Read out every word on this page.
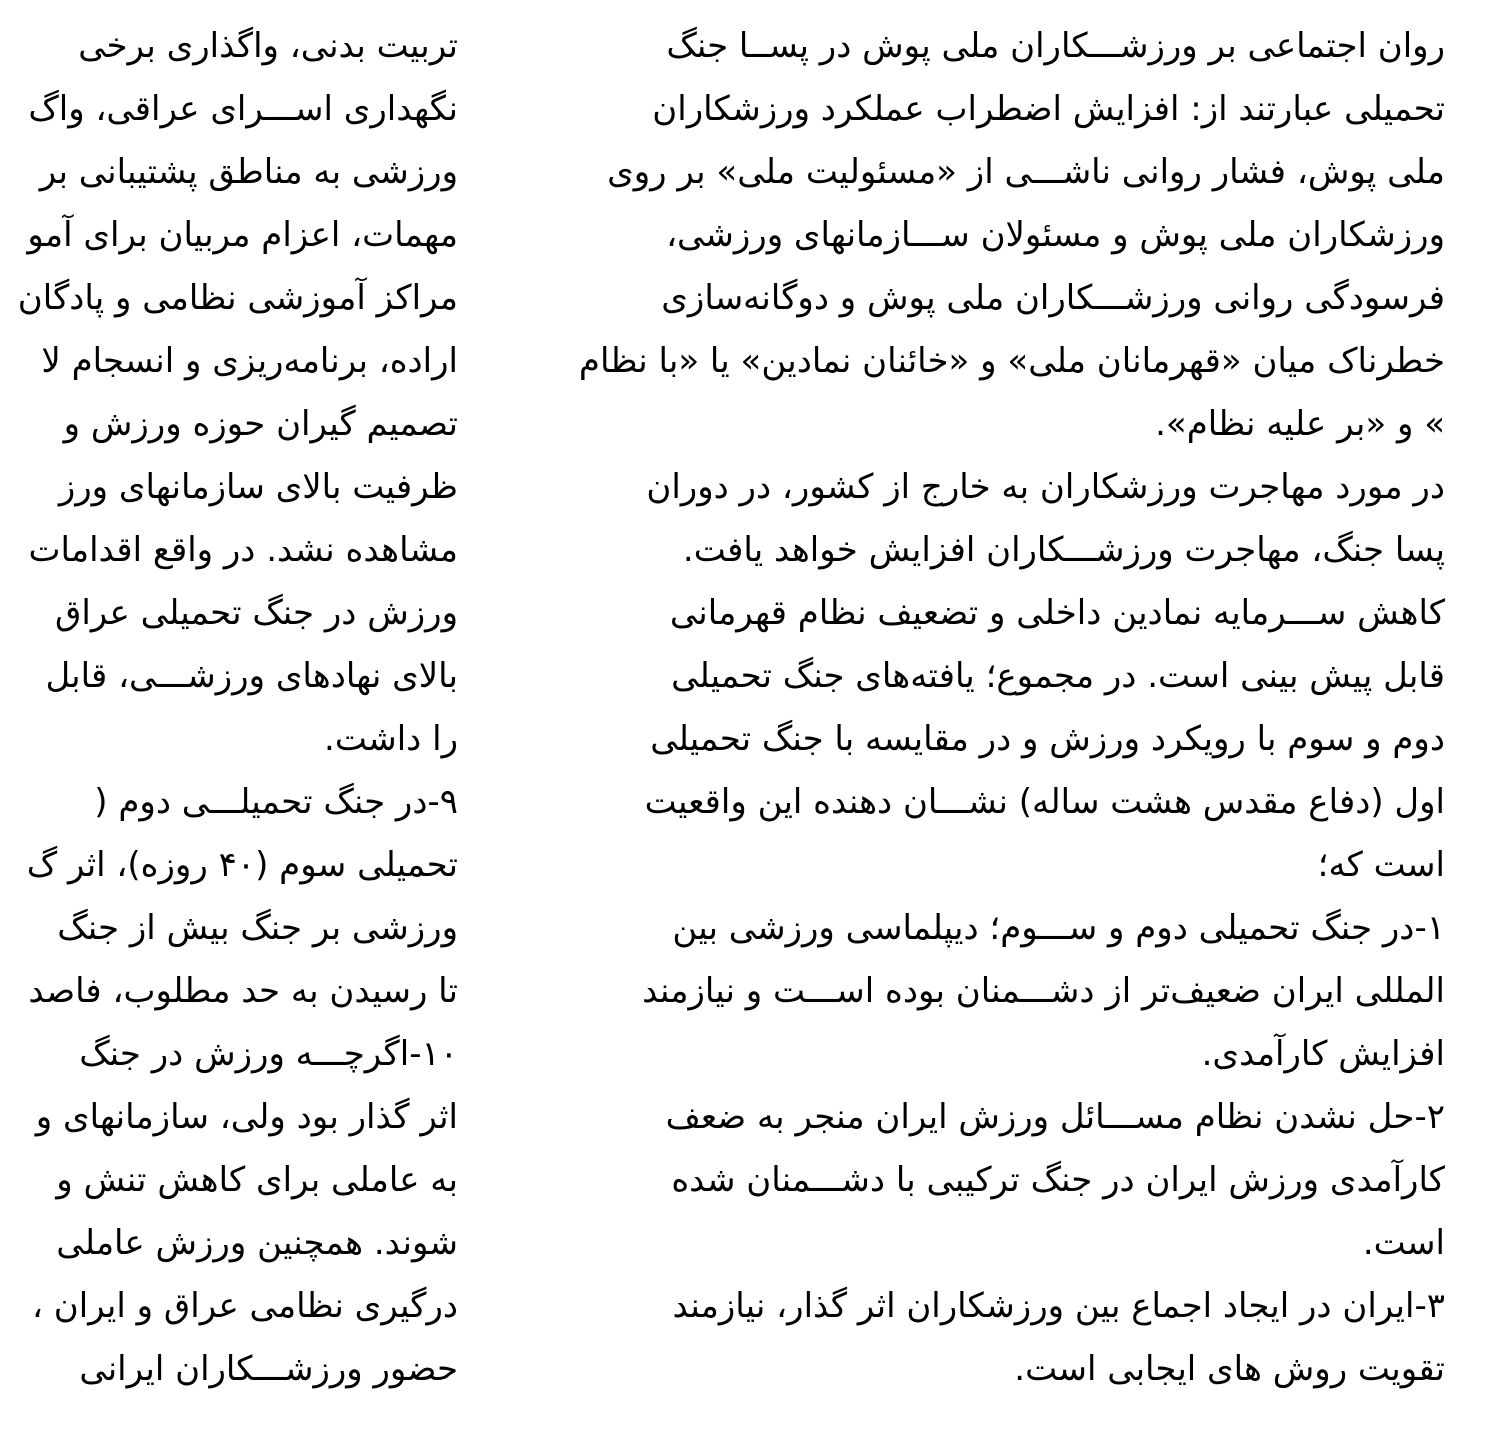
تربیت بدنی، واگذاری برخی
نگهداری اســـرای عراقی، واگ
ورزشی به مناطق پشتیبانی بر
مهمات، اعزام مربیان برای آمو
مراکز آموزشی نظامی و پادگان
اراده، برنامه‌ریزی و انسجام لا
تصمیم گیران حوزه ورزش و
ظرفیت بالای سازمانهای ورز
مشاهده نشد. در واقع اقدامات
ورزش در جنگ تحمیلی عراق
بالای نهادهای ورزشـــی، قابل
را داشت.
۹-در جنگ تحمیلـــی دوم (
تحمیلی سوم (۴۰ روزه)، اثر گ
ورزشی بر جنگ بیش از جنگ
تا رسیدن به حد مطلوب، فاصد
۱۰-اگرچـــه ورزش در جنگ
اثر گذار بود ولی، سازمانهای و
به عاملی برای کاهش تنش و
شوند. همچنین ورزش عاملی
درگیری نظامی عراق و ایران ،
حضور ورزشـــکاران ایرانی
روان اجتماعی بر ورزشـــکاران ملی پوش در پســا جنگ
تحمیلی عبارتند از: افزایش اضطراب عملکرد ورزشکاران
ملی پوش، فشار روانی ناشـــی از «مسئولیت ملی» بر روی
ورزشکاران ملی پوش و مسئولان ســـازمانهای ورزشی،
فرسودگی روانی ورزشـــکاران ملی پوش و دوگانه‌سازی
خطرناک میان «قهرمانان ملی» و «خائنان نمادین» یا «با نظام
» و «بر علیه نظام».
در مورد مهاجرت ورزشکاران به خارج از کشور، در دوران
پسا جنگ، مهاجرت ورزشـــکاران افزایش خواهد یافت.
کاهش ســـرمایه نمادین داخلی و تضعیف نظام قهرمانی
قابل پیش بینی است. در مجموع؛ یافته‌های جنگ تحمیلی
دوم و سوم با رویکرد ورزش و در مقایسه با جنگ تحمیلی
اول (دفاع مقدس هشت ساله) نشـــان دهنده این واقعیت
است که؛
۱-در جنگ تحمیلی دوم و ســـوم؛ دیپلماسی ورزشی بین
المللی ایران ضعیف‌تر از دشـــمنان بوده اســـت و نیازمند
افزایش کارآمدی.
۲-حل نشدن نظام مســـائل ورزش ایران منجر به ضعف
کارآمدی ورزش ایران در جنگ ترکیبی با دشـــمنان شده
است.
۳-ایران در ایجاد اجماع بین ورزشکاران اثر گذار، نیازمند
تقویت روش های ایجابی است.
